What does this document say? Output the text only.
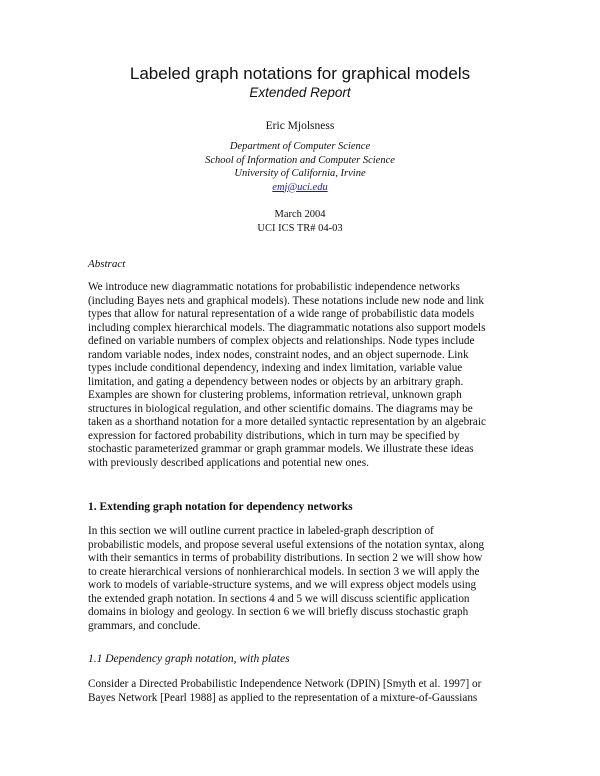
Labeled graph notations for graphical models
Extended Report
Eric Mjolsness
Department of Computer Science
School of Information and Computer Science
University of California, Irvine
emj@uci.edu
March 2004
UCI ICS TR# 04-03
Abstract
We introduce new diagrammatic notations for probabilistic independence networks
(including Bayes nets and graphical models). These notations include new node and link
types that allow for natural representation of a wide range of probabilistic data models
including complex hierarchical models. The diagrammatic notations also support models
defined on variable numbers of complex objects and relationships. Node types include
random variable nodes, index nodes, constraint nodes, and an object supernode. Link
types include conditional dependency, indexing and index limitation, variable value
limitation, and gating a dependency between nodes or objects by an arbitrary graph.
Examples are shown for clustering problems, information retrieval, unknown graph
structures in biological regulation, and other scientific domains. The diagrams may be
taken as a shorthand notation for a more detailed syntactic representation by an algebraic
expression for factored probability distributions, which in turn may be specified by
stochastic parameterized grammar or graph grammar models. We illustrate these ideas
with previously described applications and potential new ones.
1. Extending graph notation for dependency networks
In this section we will outline current practice in labeled-graph description of
probabilistic models, and propose several useful extensions of the notation syntax, along
with their semantics in terms of probability distributions. In section 2 we will show how
to create hierarchical versions of nonhierarchical models. In section 3 we will apply the
work to models of variable-structure systems, and we will express object models using
the extended graph notation. In sections 4 and 5 we will discuss scientific application
domains in biology and geology. In section 6 we will briefly discuss stochastic graph
grammars, and conclude.
1.1 Dependency graph notation, with plates
Consider a Directed Probabilistic Independence Network (DPIN) [Smyth et al. 1997] or
Bayes Network [Pearl 1988] as applied to the representation of a mixture-of-Gaussians
